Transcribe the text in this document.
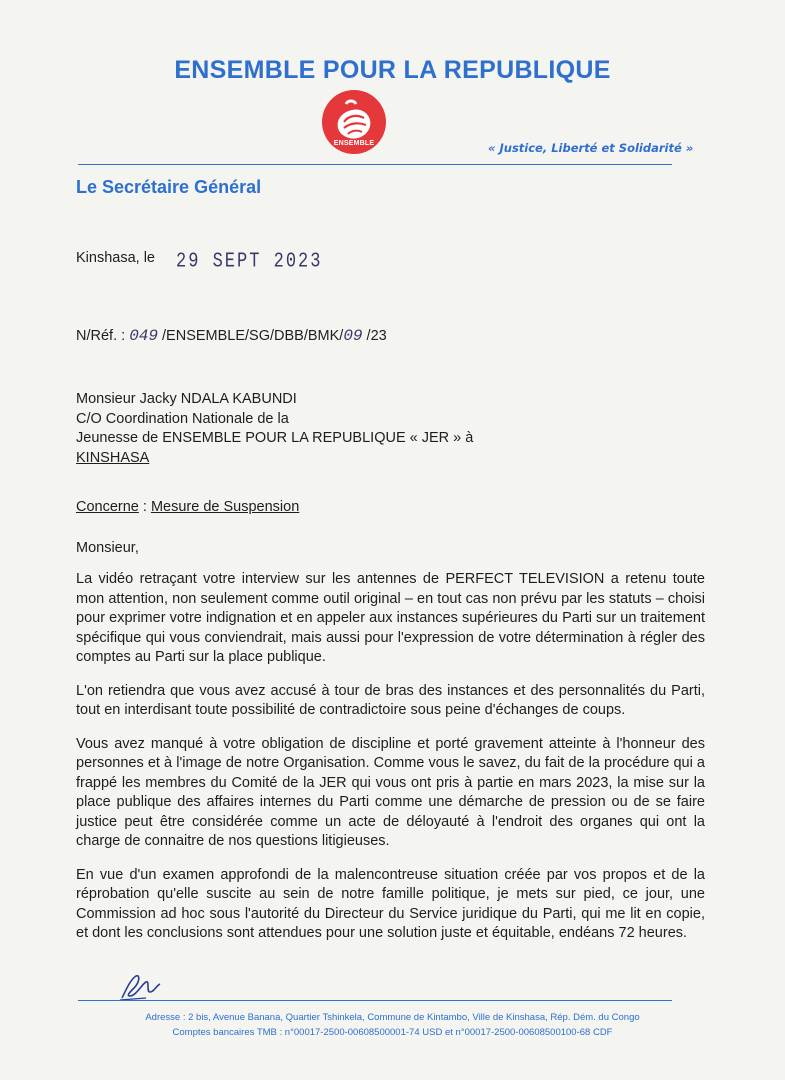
ENSEMBLE POUR LA REPUBLIQUE
ENSEMBLE	« Justice, Liberté et Solidarité »
Le Secrétaire Général
Kinshasa, le 29 SEPT 2023
N/Réf. : 049 /ENSEMBLE/SG/DBB/BMK/09 /23
Monsieur Jacky NDALA KABUNDI
C/O Coordination Nationale de la
Jeunesse de ENSEMBLE POUR LA REPUBLIQUE « JER » à
KINSHASA
Concerne : Mesure de Suspension
Monsieur,

La vidéo retraçant votre interview sur les antennes de PERFECT TELEVISION a retenu toute mon attention, non seulement comme outil original – en tout cas non prévu par les statuts – choisi pour exprimer votre indignation et en appeler aux instances supérieures du Parti sur un traitement spécifique qui vous conviendrait, mais aussi pour l'expression de votre détermination à régler des comptes au Parti sur la place publique.

L'on retiendra que vous avez accusé à tour de bras des instances et des personnalités du Parti, tout en interdisant toute possibilité de contradictoire sous peine d'échanges de coups.

Vous avez manqué à votre obligation de discipline et porté gravement atteinte à l'honneur des personnes et à l'image de notre Organisation. Comme vous le savez, du fait de la procédure qui a frappé les membres du Comité de la JER qui vous ont pris à partie en mars 2023, la mise sur la place publique des affaires internes du Parti comme une démarche de pression ou de se faire justice peut être considérée comme un acte de déloyauté à l'endroit des organes qui ont la charge de connaitre de nos questions litigieuses.

En vue d'un examen approfondi de la malencontreuse situation créée par vos propos et de la réprobation qu'elle suscite au sein de notre famille politique, je mets sur pied, ce jour, une Commission ad hoc sous l'autorité du Directeur du Service juridique du Parti, qui me lit en copie, et dont les conclusions sont attendues pour une solution juste et équitable, endéans 72 heures.

Adresse : 2 bis, Avenue Banana, Quartier Tshinkela, Commune de Kintambo, Ville de Kinshasa, Rép. Dém. du Congo
Comptes bancaires TMB : n°00017-2500-00608500001-74 USD et n°00017-2500-00608500100-68 CDF
